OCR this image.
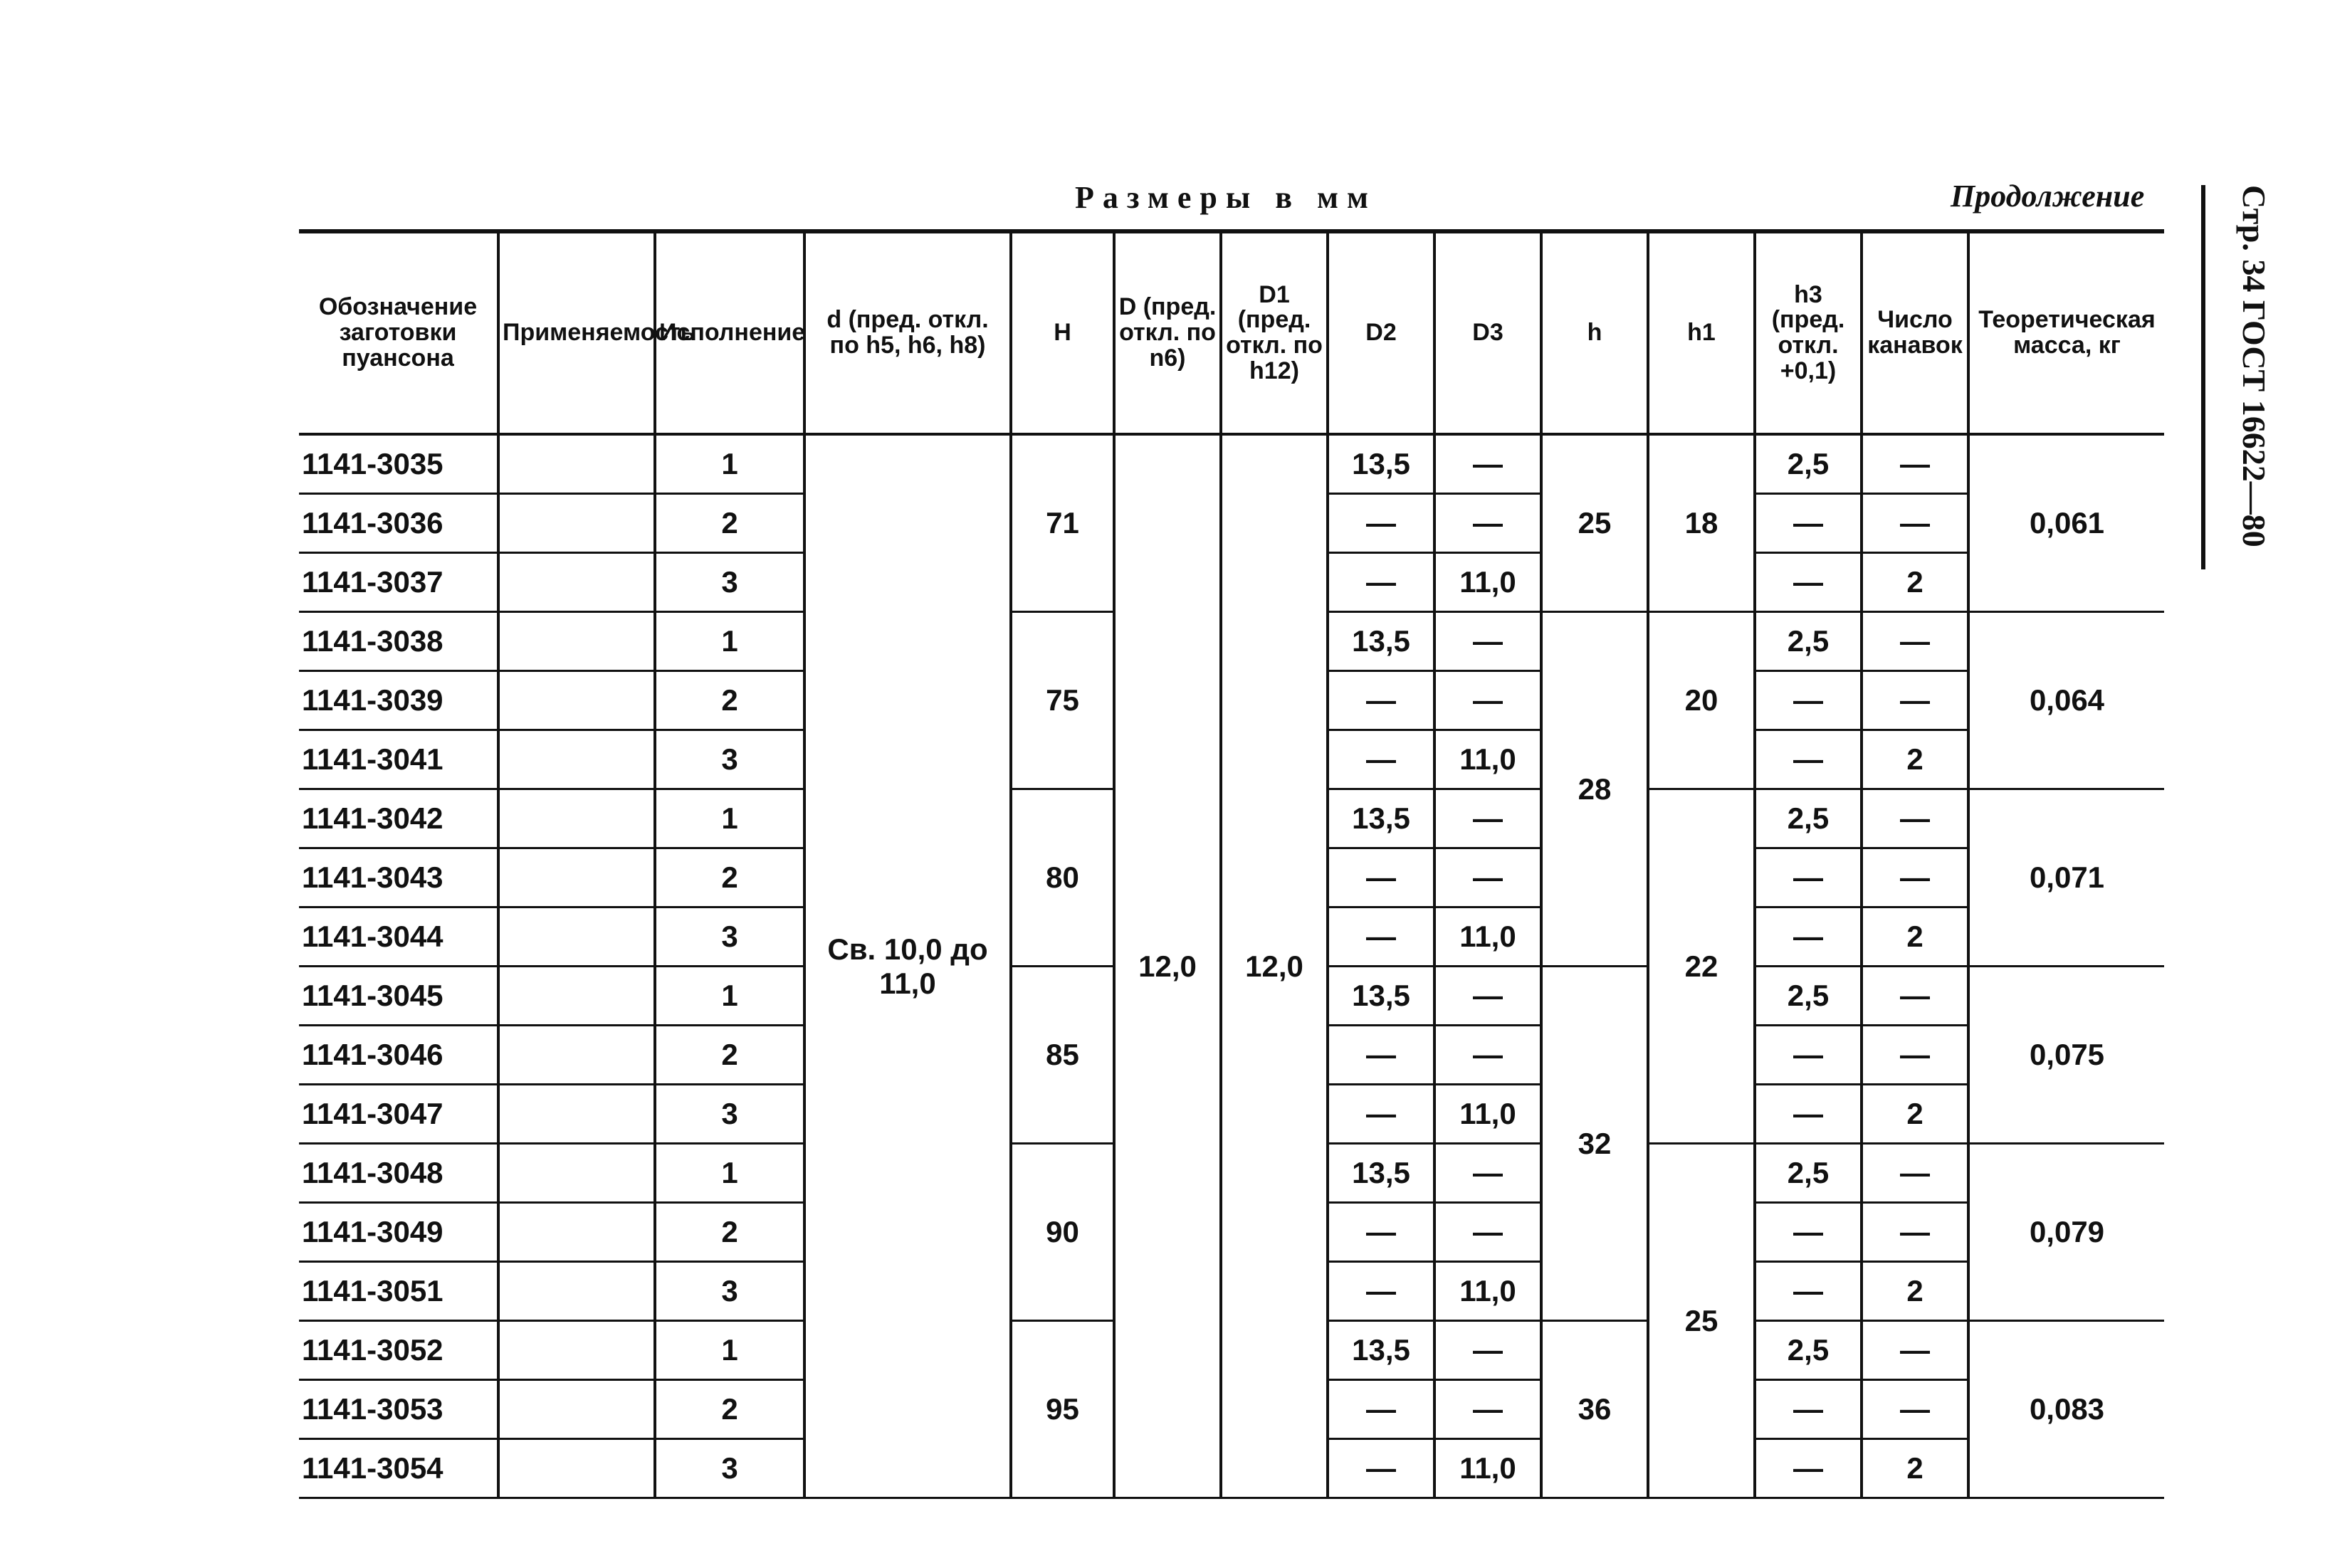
Размеры в мм	Продолжение	Стр. 34 ГОСТ 16622—80
Обозначение заготовки пуансона	Применяемость	Исполнение	d (пред. откл. по h5, h6, h8)	H	D (пред. откл. по n6)	D1 (пред. откл. по h12)	D2	D3	h	h1	h3 (пред. откл. +0,1)	Число канавок	Теоретическая масса, кг
1141-3035		1	Св. 10,0 до 11,0	71	12,0	12,0	13,5	—	25	18	2,5	—	0,061
1141-3036		2					—	—			—	—	
1141-3037		3					—	11,0			—	2	
1141-3038		1		75			13,5	—	28	20	2,5	—	0,064
1141-3039		2					—	—			—	—	
1141-3041		3					—	11,0			—	2	
1141-3042		1		80			13,5	—		22	2,5	—	0,071
1141-3043		2					—	—			—	—	
1141-3044		3					—	11,0			—	2	
1141-3045		1		85			13,5	—	32		2,5	—	0,075
1141-3046		2					—	—			—	—	
1141-3047		3					—	11,0			—	2	
1141-3048		1		90			13,5	—		25	2,5	—	0,079
1141-3049		2					—	—			—	—	
1141-3051		3					—	11,0			—	2	
1141-3052		1		95			13,5	—	36		2,5	—	0,083
1141-3053		2					—	—			—	—	
1141-3054		3					—	11,0			—	2	
